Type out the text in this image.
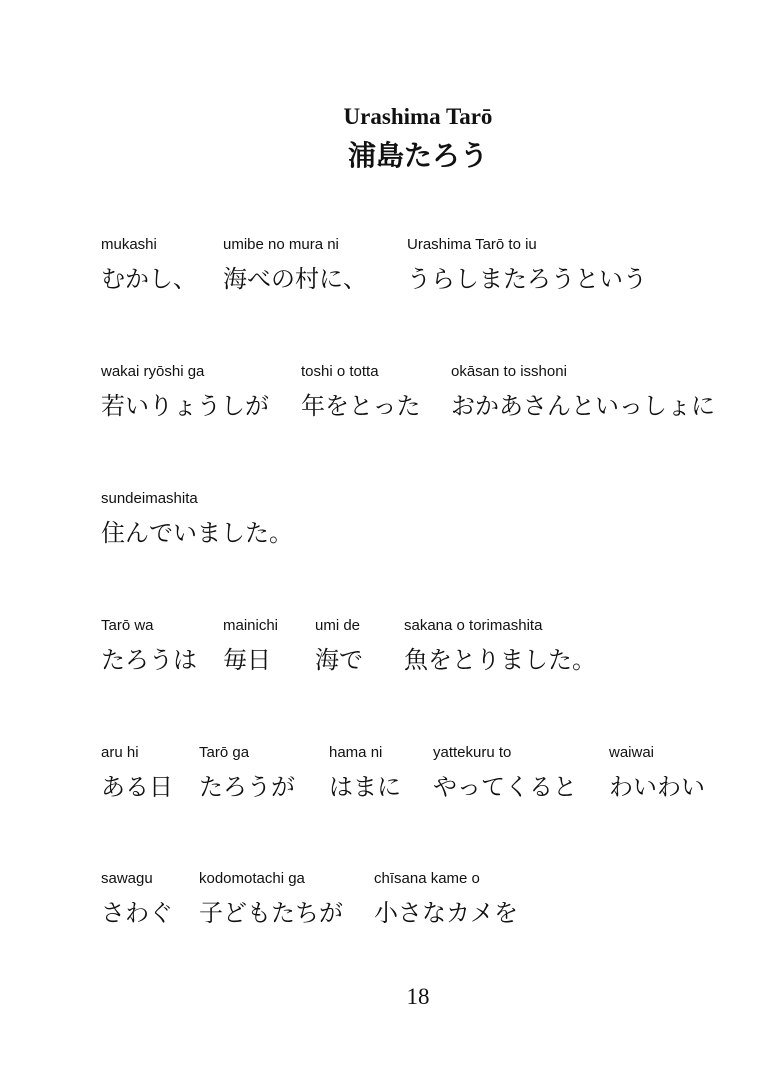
Urashima Tarō
浦島たろう
mukashi
むかし、
umibe no mura ni
海べの村に、
Urashima Tarō to iu
うらしまたろうという
wakai ryōshi ga
若いりょうしが
toshi o totta
年をとった
okāsan to isshoni
おかあさんといっしょに
sundeimashita
住んでいました。
Tarō wa
たろうは
mainichi
毎日
umi de
海で
sakana o torimashita
魚をとりました。
aru hi
ある日
Tarō ga
たろうが
hama ni
はまに
yattekuru to
やってくると
waiwai
わいわい
sawagu
さわぐ
kodomotachi ga
子どもたちが
chīsana kame o
小さなカメを
18
